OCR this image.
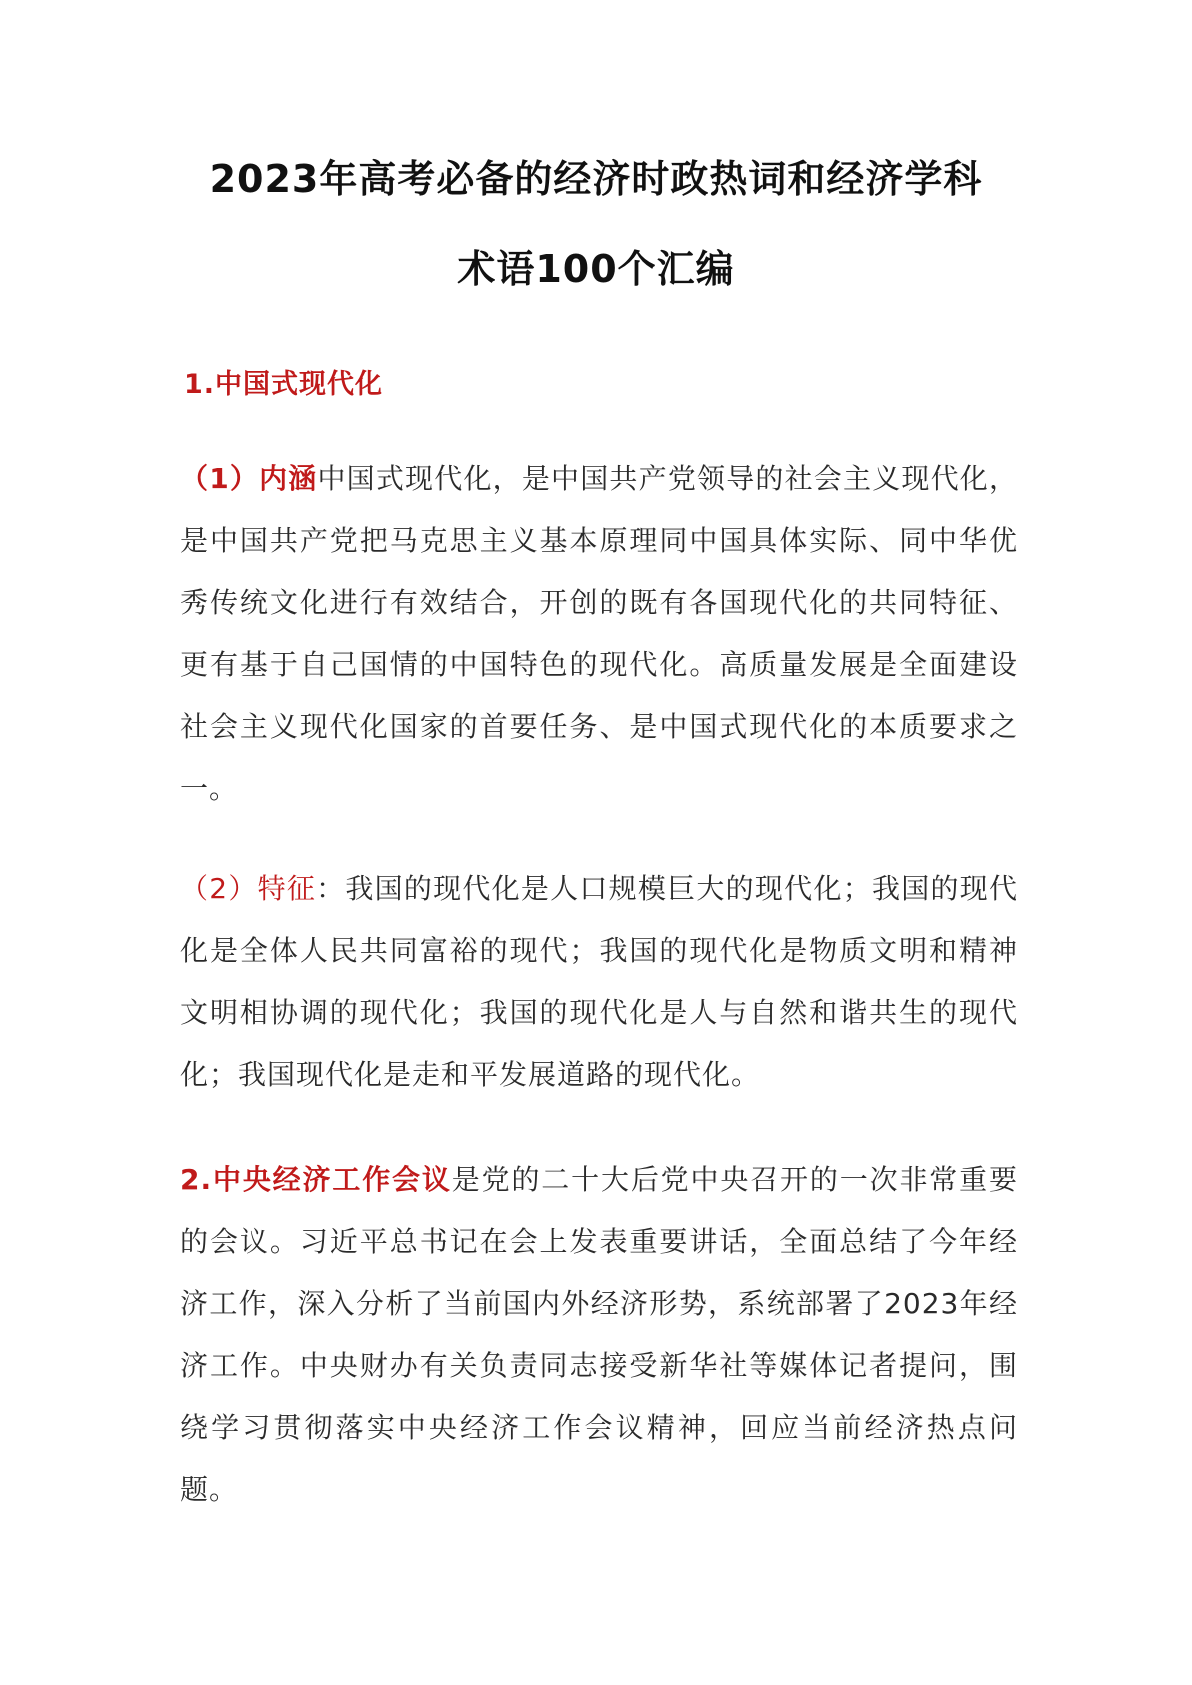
2023年高考必备的经济时政热词和经济学科
术语100个汇编
1.中国式现代化
（1）内涵中国式现代化，是中国共产党领导的社会主义现代化，是中国共产党把马克思主义基本原理同中国具体实际、同中华优秀传统文化进行有效结合，开创的既有各国现代化的共同特征、更有基于自己国情的中国特色的现代化。高质量发展是全面建设社会主义现代化国家的首要任务、是中国式现代化的本质要求之一。
（2）特征：我国的现代化是人口规模巨大的现代化；我国的现代化是全体人民共同富裕的现代；我国的现代化是物质文明和精神文明相协调的现代化；我国的现代化是人与自然和谐共生的现代化；我国现代化是走和平发展道路的现代化。
2.中央经济工作会议是党的二十大后党中央召开的一次非常重要的会议。习近平总书记在会上发表重要讲话，全面总结了今年经济工作，深入分析了当前国内外经济形势，系统部署了2023年经济工作。中央财办有关负责同志接受新华社等媒体记者提问，围绕学习贯彻落实中央经济工作会议精神，回应当前经济热点问题。
